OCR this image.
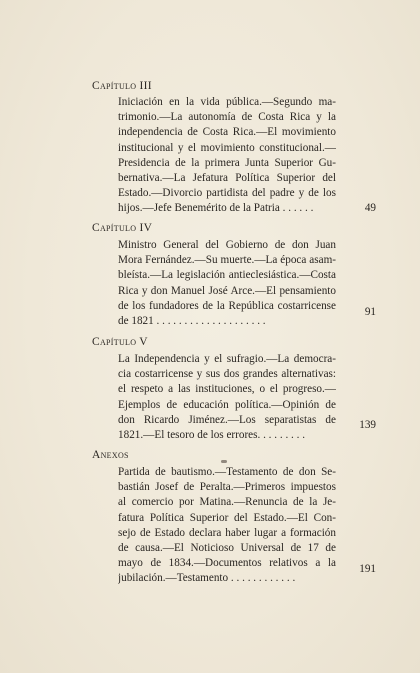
Capítulo III
Iniciación en la vida pública.—Segundo ma-
trimonio.—La autonomía de Costa Rica y la
independencia de Costa Rica.—El movimiento
institucional y el movimiento constitucional.—
Presidencia de la primera Junta Superior Gu-
bernativa.—La Jefatura Política Superior del
Estado.—Divorcio partidista del padre y de los
hijos.—Jefe Benemérito de la Patria . . . . . .	49
Capítulo IV
Ministro General del Gobierno de don Juan
Mora Fernández.—Su muerte.—La época asam-
bleísta.—La legislación antieclesiástica.—Costa
Rica y don Manuel José Arce.—El pensamiento
de los fundadores de la República costarricense
de 1821 . . . . . . . . . . . . . . . . . . . .
91
Capítulo V
La Independencia y el sufragio.—La democra-
cia costarricense y sus dos grandes alternativas:
el respeto a las instituciones, o el progreso.—
Ejemplos de educación política.—Opinión de
don Ricardo Jiménez.—Los separatistas de
1821.—El tesoro de los errores. . . . . . . . .
139
Anexos
Partida de bautismo.—Testamento de don Se-
bastián Josef de Peralta.—Primeros impuestos
al comercio por Matina.—Renuncia de la Je-
fatura Política Superior del Estado.—El Con-
sejo de Estado declara haber lugar a formación
de causa.—El Noticioso Universal de 17 de
mayo de 1834.—Documentos relativos a la
jubilación.—Testamento . . . . . . . . . . . .
191
